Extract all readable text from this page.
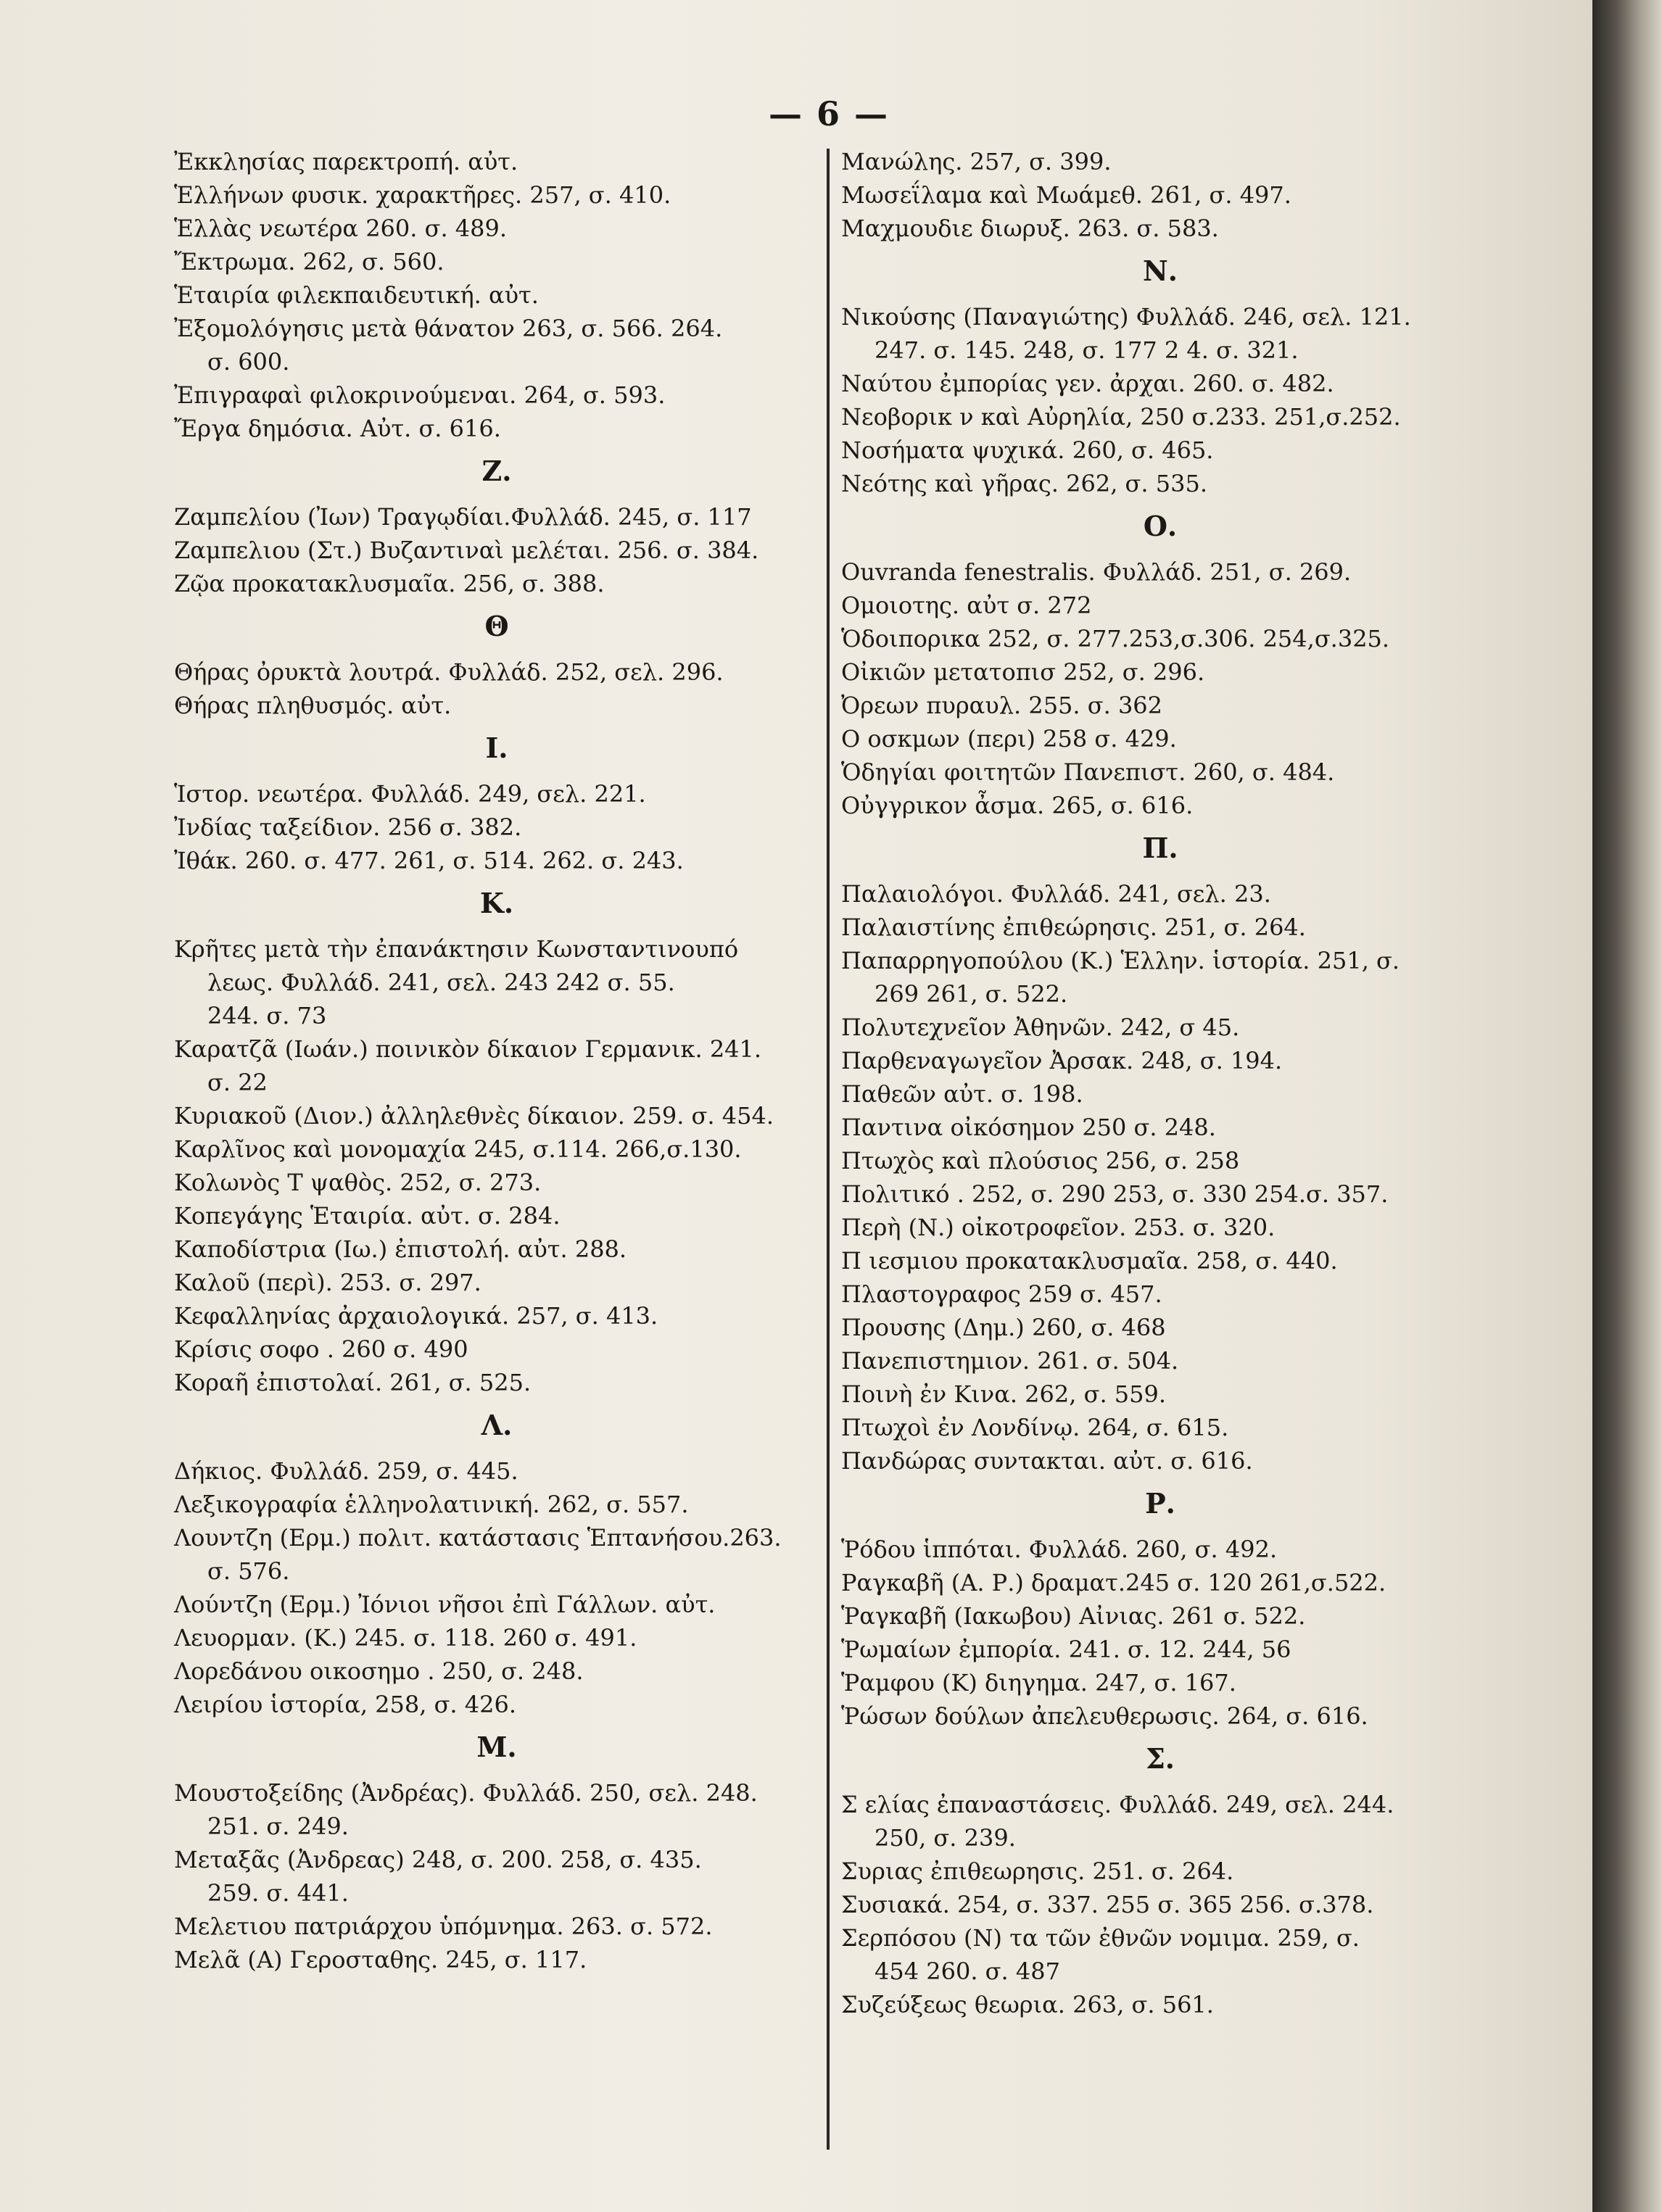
— 6 —
Ἐκκλησίας παρεκτροπή. αὐτ.
Ἑλλήνων φυσικ. χαρακτῆρες. 257, σ. 410.
Ἑλλὰς νεωτέρα 260. σ. 489.
Ἔκτρωμα. 262, σ. 560.
Ἑταιρία φιλεκπαιδευτική. αὐτ.
Ἐξομολόγησις μετὰ θάνατον 263, σ. 566. 264.
σ. 600.
Ἐπιγραφαὶ φιλοκρινούμεναι. 264, σ. 593.
Ἔργα δημόσια. Αὐτ. σ. 616.
Ζ.
Ζαμπελίου (Ἰων) Τραγῳδίαι.Φυλλάδ. 245, σ. 117
Ζαμπελιου (Στ.) Βυζαντιναὶ μελέται. 256. σ. 384.
Ζῷα προκατακλυσμαῖα. 256, σ. 388.
Θ
Θήρας ὀρυκτὰ λουτρά. Φυλλάδ. 252, σελ. 296.
Θήρας πληθυσμός. αὐτ.
Ι.
Ἱστορ. νεωτέρα. Φυλλάδ. 249, σελ. 221.
Ἰνδίας ταξείδιον. 256 σ. 382.
Ἰθάκ. 260. σ. 477. 261, σ. 514. 262. σ. 243.
Κ.
Κρῆτες μετὰ τὴν ἐπανάκτησιν Κωνσταντινουπό
λεως. Φυλλάδ. 241, σελ. 243 242 σ. 55.
244. σ. 73
Καρατζᾶ (Ιωάν.) ποινικὸν δίκαιον Γερμανικ. 241.
σ. 22
Κυριακοῦ (Διον.) ἀλληλεθνὲς δίκαιον. 259. σ. 454.
Καρλῖνος καὶ μονομαχία 245, σ.114. 266,σ.130.
Κολωνὸς Τ ψαθὸς. 252, σ. 273.
Κοπεγάγης Ἑταιρία. αὐτ. σ. 284.
Καποδίστρια (Ιω.) ἐπιστολή. αὐτ. 288.
Καλοῦ (περὶ). 253. σ. 297.
Κεφαλληνίας ἀρχαιολογικά. 257, σ. 413.
Κρίσις σοφο . 260 σ. 490
Κοραῆ ἐπιστολαί. 261, σ. 525.
Λ.
Δήκιος. Φυλλάδ. 259, σ. 445.
Λεξικογραφία ἑλληνολατινική. 262, σ. 557.
Λουντζη (Ερμ.) πολιτ. κατάστασις Ἑπτανήσου.263.
σ. 576.
Λούντζη (Ερμ.) Ἰόνιοι νῆσοι ἐπὶ Γάλλων. αὐτ.
Λευορμαν. (Κ.) 245. σ. 118. 260 σ. 491.
Λορεδάνου οικοσημο . 250, σ. 248.
Λειρίου ἱστορία, 258, σ. 426.
Μ.
Μουστοξείδης (Ἀνδρέας). Φυλλάδ. 250, σελ. 248.
251. σ. 249.
Μεταξᾶς (Ἀνδρεας) 248, σ. 200. 258, σ. 435.
259. σ. 441.
Μελετιου πατριάρχου ὑπόμνημα. 263. σ. 572.
Μελᾶ (Α) Γεροσταθης. 245, σ. 117.
Μανώλης. 257, σ. 399.
Μωσεΐλαμα καὶ Μωάμεθ. 261, σ. 497.
Μαχμουδιε διωρυξ. 263. σ. 583.
Ν.
Νικούσης (Παναγιώτης) Φυλλάδ. 246, σελ. 121.
247. σ. 145. 248, σ. 177 2 4. σ. 321.
Ναύτου ἐμπορίας γεν. ἀρχαι. 260. σ. 482.
Νεοβορικ ν καὶ Αὐρηλία, 250 σ.233. 251,σ.252.
Νοσήματα ψυχικά. 260, σ. 465.
Νεότης καὶ γῆρας. 262, σ. 535.
Ο.
Ouvranda fenestralis. Φυλλάδ. 251, σ. 269.
Ομοιοτης. αὐτ σ. 272
Ὁδοιπορικα 252, σ. 277.253,σ.306. 254,σ.325.
Οἰκιῶν μετατοπισ 252, σ. 296.
Ὀρεων πυραυλ. 255. σ. 362
Ο οσκμων (περι) 258 σ. 429.
Ὁδηγίαι φοιτητῶν Πανεπιστ. 260, σ. 484.
Οὐγγρικον ἆσμα. 265, σ. 616.
Π.
Παλαιολόγοι. Φυλλάδ. 241, σελ. 23.
Παλαιστίνης ἐπιθεώρησις. 251, σ. 264.
Παπαρρηγοπούλου (Κ.) Ἑλλην. ἱστορία. 251, σ.
269 261, σ. 522.
Πολυτεχνεῖον Ἀθηνῶν. 242, σ 45.
Παρθεναγωγεῖον Ἀρσακ. 248, σ. 194.
Παθεῶν αὐτ. σ. 198.
Παντινα οἰκόσημον 250 σ. 248.
Πτωχὸς καὶ πλούσιος 256, σ. 258
Πολιτικό . 252, σ. 290 253, σ. 330 254.σ. 357.
Περὴ (Ν.) οἰκοτροφεῖον. 253. σ. 320.
Π ιεσμιου προκατακλυσμαῖα. 258, σ. 440.
Πλαστογραφος 259 σ. 457.
Προυσης (Δημ.) 260, σ. 468
Πανεπιστημιον. 261. σ. 504.
Ποινὴ ἐν Κινα. 262, σ. 559.
Πτωχοὶ ἐν Λονδίνῳ. 264, σ. 615.
Πανδώρας συντακται. αὐτ. σ. 616.
Ρ.
Ῥόδου ἱππόται. Φυλλάδ. 260, σ. 492.
Ραγκαβῆ (Α. Ρ.) δραματ.245 σ. 120 261,σ.522.
Ῥαγκαβῆ (Ιακωβου) Αἰνιας. 261 σ. 522.
Ῥωμαίων ἐμπορία. 241. σ. 12. 244, 56
Ῥαμφου (Κ) διηγημα. 247, σ. 167.
Ῥώσων δούλων ἀπελευθερωσις. 264, σ. 616.
Σ.
Σ ελίας ἐπαναστάσεις. Φυλλάδ. 249, σελ. 244.
250, σ. 239.
Συριας ἐπιθεωρησις. 251. σ. 264.
Συσιακά. 254, σ. 337. 255 σ. 365 256. σ.378.
Σερπόσου (Ν) τα τῶν ἐθνῶν νομιμα. 259, σ.
454 260. σ. 487
Συζεύξεως θεωρια. 263, σ. 561.
